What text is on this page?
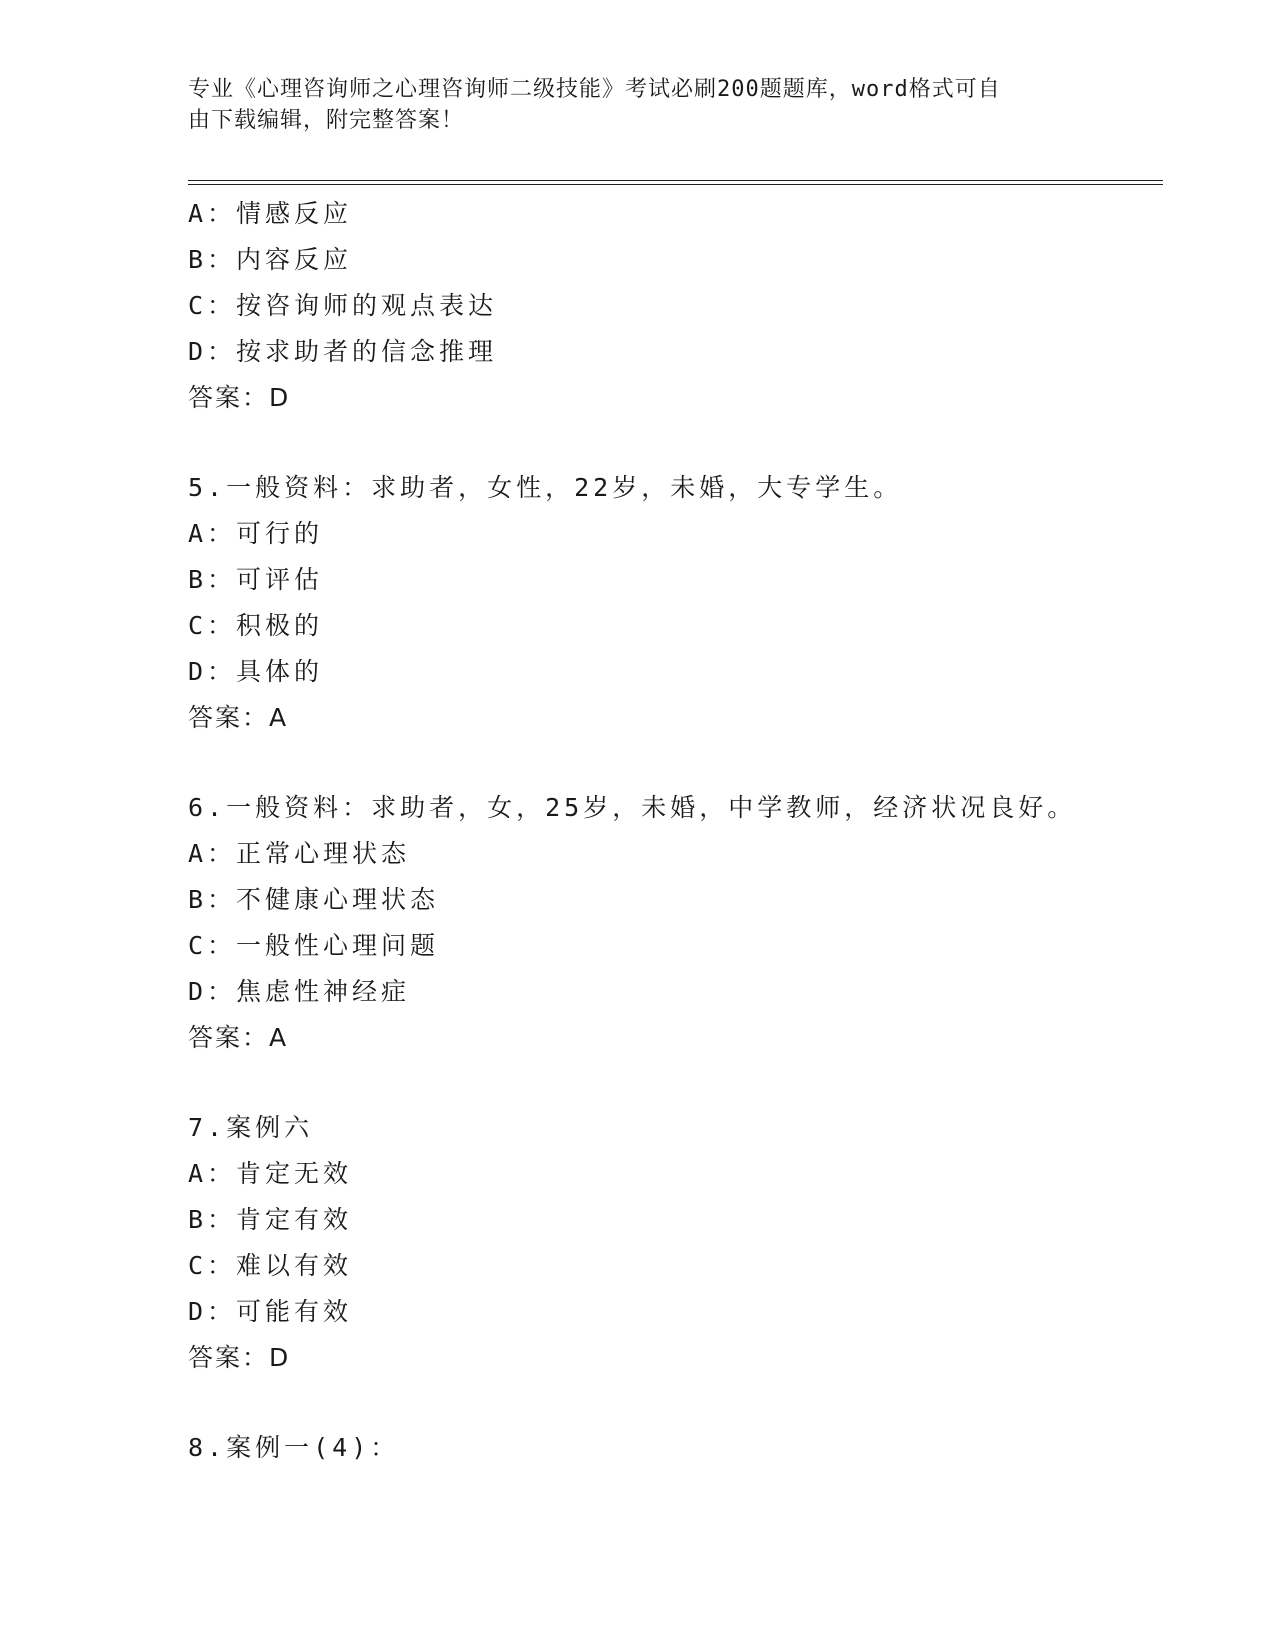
专业《心理咨询师之心理咨询师二级技能》考试必刷200题题库，word格式可自
由下载编辑，附完整答案！
A：情感反应
B：内容反应
C：按咨询师的观点表达
D：按求助者的信念推理
答案：D
5.一般资料：求助者，女性，22岁，未婚，大专学生。
A：可行的
B：可评估
C：积极的
D：具体的
答案：A
6.一般资料：求助者，女，25岁，未婚，中学教师，经济状况良好。
A：正常心理状态
B：不健康心理状态
C：一般性心理问题
D：焦虑性神经症
答案：A
7.案例六
A：肯定无效
B：肯定有效
C：难以有效
D：可能有效
答案：D
8.案例一(4)：
